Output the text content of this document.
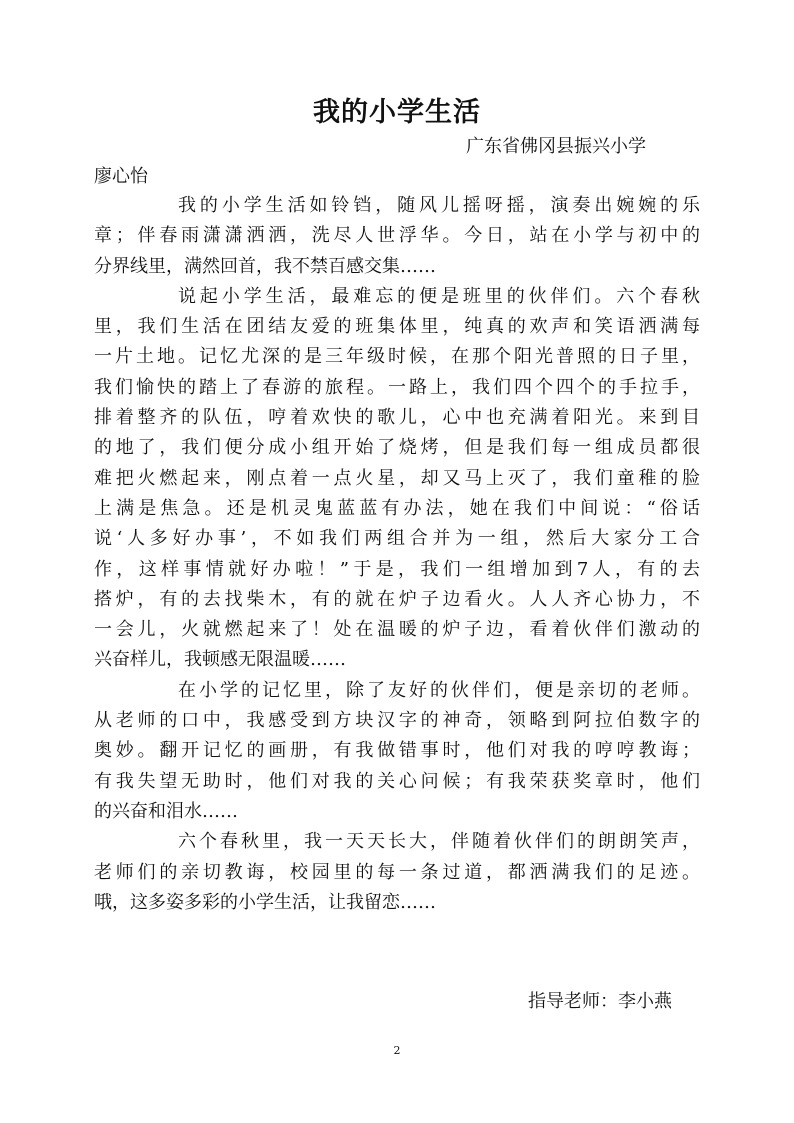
我的小学生活
广东省佛冈县振兴小学
廖心怡
我的小学生活如铃铛，随风儿摇呀摇，演奏出婉婉的乐
章；伴春雨潇潇洒洒，洗尽人世浮华。今日，站在小学与初中的
分界线里，满然回首，我不禁百感交集……
说起小学生活，最难忘的便是班里的伙伴们。六个春秋
里，我们生活在团结友爱的班集体里，纯真的欢声和笑语洒满每
一片土地。记忆尤深的是三年级时候，在那个阳光普照的日子里，
我们愉快的踏上了春游的旅程。一路上，我们四个四个的手拉手，
排着整齐的队伍，哼着欢快的歌儿，心中也充满着阳光。来到目
的地了，我们便分成小组开始了烧烤，但是我们每一组成员都很
难把火燃起来，刚点着一点火星，却又马上灭了，我们童稚的脸
上满是焦急。还是机灵鬼蓝蓝有办法，她在我们中间说：“俗话
说‘人多好办事’，不如我们两组合并为一组，然后大家分工合
作，这样事情就好办啦！”于是，我们一组增加到7人，有的去
搭炉，有的去找柴木，有的就在炉子边看火。人人齐心协力，不
一会儿，火就燃起来了！处在温暖的炉子边，看着伙伴们激动的
兴奋样儿，我顿感无限温暖……
在小学的记忆里，除了友好的伙伴们，便是亲切的老师。
从老师的口中，我感受到方块汉字的神奇，领略到阿拉伯数字的
奥妙。翻开记忆的画册，有我做错事时，他们对我的哼哼教诲；
有我失望无助时，他们对我的关心问候；有我荣获奖章时，他们
的兴奋和泪水……
六个春秋里，我一天天长大，伴随着伙伴们的朗朗笑声，
老师们的亲切教诲，校园里的每一条过道，都洒满我们的足迹。
哦，这多姿多彩的小学生活，让我留恋……
指导老师：李小燕
2
